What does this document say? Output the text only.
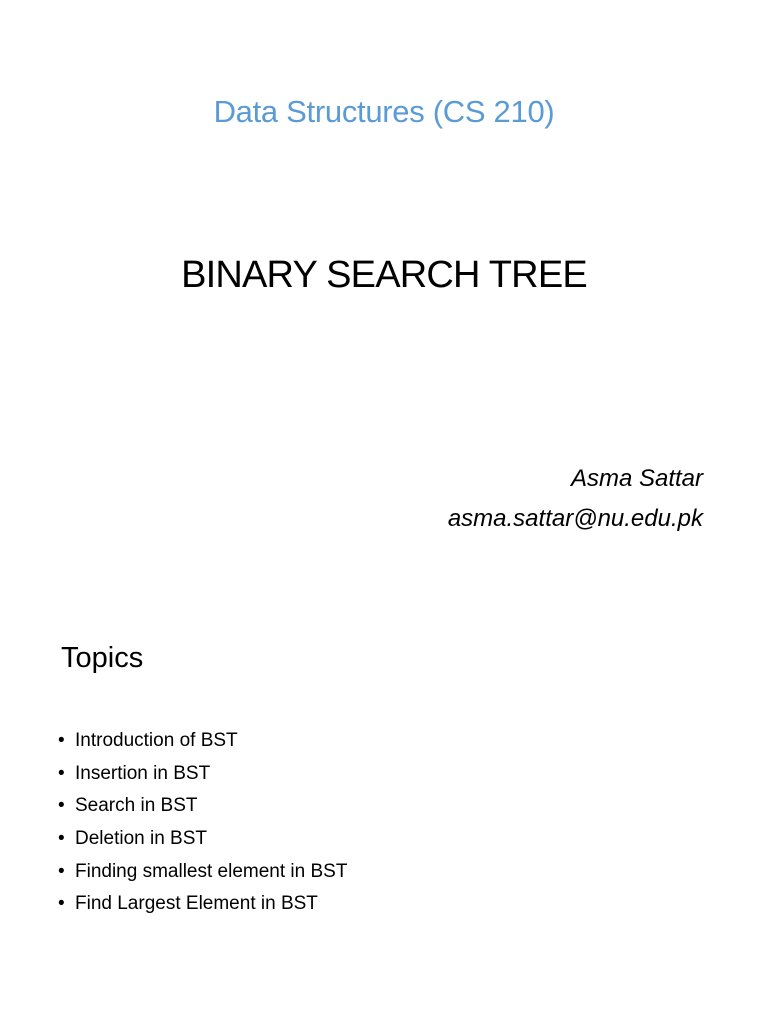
Data Structures (CS 210)
BINARY SEARCH TREE
Asma Sattar
asma.sattar@nu.edu.pk
Topics
• Introduction of BST
• Insertion in BST
• Search in BST
• Deletion in BST
• Finding smallest element in BST
• Find Largest Element in BST
